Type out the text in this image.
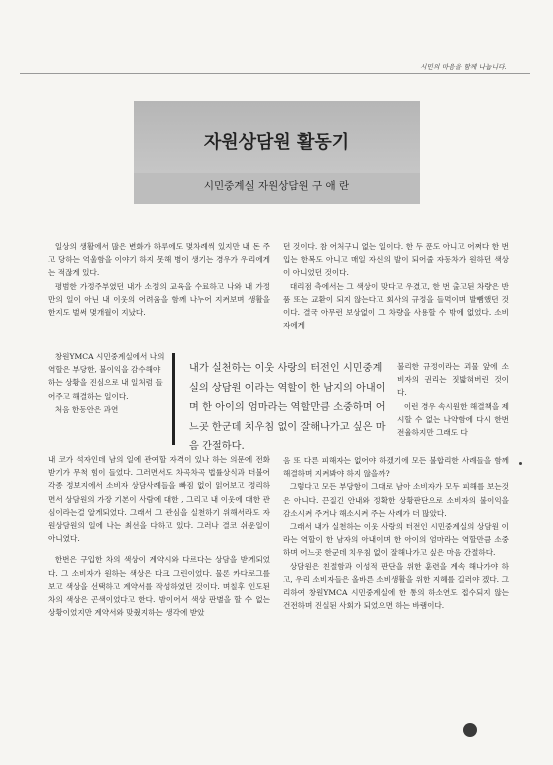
시민의 마음을 함께 나눕니다.
자원상담원 활동기
시민중계실 자원상담원 구 애 란

일상의 생활에서 많은 변화가 하루에도 몇차례씩 있지만 내 돈 주고 당하는 억울함을 이야기 하지 못해 병이 생기는 경우가 우리에게는 적잖게 있다.

평범한 가정주부였던 내가 소정의 교육을 수료하고 나와 내 가정만의 일이 아닌 내 이웃의 어려움을 함께 나누어 지켜보며 생활을 한지도 벌써 몇개월이 지났다.

창원YMCA 시민중계실에서 나의 역할은 부당한, 불이익을 감수해야 하는 상황을 진심으로 내 일처럼 들어주고 해결하는 일이다.

처음 한동안은 과연

내 코가 석자인데 남의 일에 관여할 자격이 있나 하는 의문에 전화 받기가 무척 힘이 들었다. 그러면서도 차곡차곡 법률상식과 더불어 각종 정보지에서 소비자 상담사례들을 빠짐 없이 읽어보고 정리하면서 상담원의 가장 기본이 사람에 대한 , 그리고 내 이웃에 대한 관심이라는걸 알게되었다. 그래서 그 관심을 실천하기 위해서라도 자원상담원의 일에 나는 최선을 다하고 있다. 그러나 결코 쉬운일이 아니였다.

한번은 구입한 차의 색상이 계약시와 다르다는 상담을 받게되었다. 그 소비자가 원하는 색상은 다크 그린이었다. 물론 카다로그를 보고 색상을 선택하고 계약서를 작성하였던 것이다. 며칠후 인도된 차의 색상은 곤색이었다고 한다. 밤이어서 색상 판별을 할 수 없는 상황이었지만 계약서와 맞췄지하는 생각에 받았

내가 실천하는 이웃 사랑의 터전인 시민중계실의 상담원 이라는 역할이 한 남지의 아내이며 한 아이의 엄마라는 역할만큼 소중하며 어느곳 한군데 치우침 없이 잘해나가고 싶은 마음 간절하다.

던 것이다. 참 어처구니 없는 일이다. 한 두 푼도 아니고 어쩌다 한 번 입는 한복도 아니고 매일 자신의 발이 되어줄 자동차가 원하던 색상이 아니었던 것이다.

대리점 측에서는 그 색상이 맞다고 우겼고, 한 번 출고된 차량은 반품 또는 교환이 되지 않는다고 회사의 규정을 들먹이며 발뺌했던 것이다. 결국 아무런 보상없이 그 차량을 사용할 수 밖에 없었다. 소비자에게

불리한 규정이라는 괴물 앞에 소비자의 권리는 짓밟혀버린 것이다.

이런 경우 속시원한 해결책을 제시할 수 없는 나약함에 다시 한번 전율하지만 그래도 다

음 또 다른 피해자는 없어야 하겠기에 모든 불합리한 사례들을 함께 해결하며 지켜봐야 하지 않을까?

그렇다고 모든 부당함이 그대로 남아 소비자가 모두 피해를 보는것은 아니다. 끈질긴 안내와 정확한 상황판단으로 소비자의 불이익을 감소시켜 주거나 해소시켜 주는 사례가 더 많았다.

그래서 내가 실천하는 이웃 사랑의 터전인 시민중계실의 상담원 이라는 역할이 한 남자의 아내이며 한 아이의 엄마라는 역할만큼 소중하며 어느곳 한군데 치우침 없이 잘해나가고 싶은 마음 간절하다.

상담원은 친절함과 이성적 판단을 위한 훈련을 계속 해나가야 하고, 우리 소비자들은 올바른 소비생활을 위한 지혜를 길러야 겠다. 그리하여 창원YMCA 시민중계실에 한 통의 하소연도 접수되지 않는 건전하며 진실된 사회가 되었으면 하는 바램이다.
